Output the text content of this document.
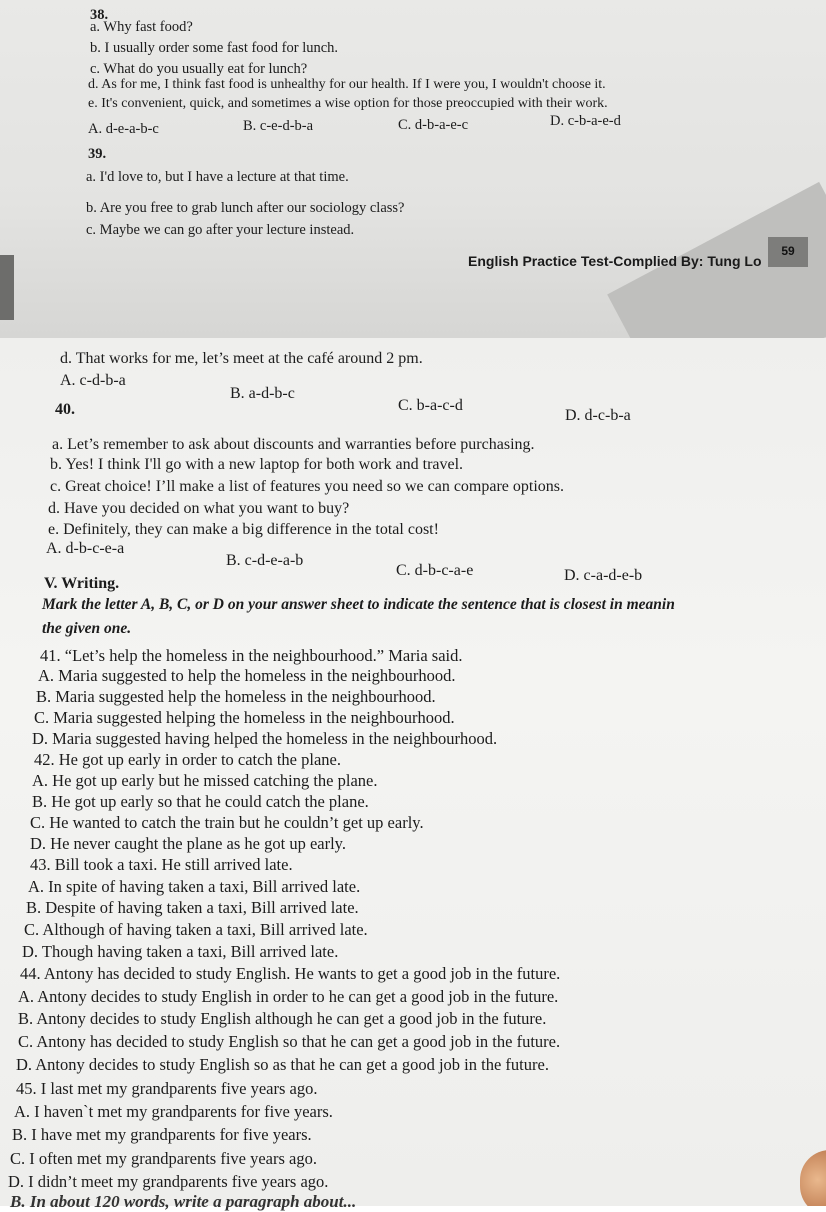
38.
a. Why fast food?
b. I usually order some fast food for lunch.
c. What do you usually eat for lunch?
d. As for me, I think fast food is unhealthy for our health. If I were you, I wouldn't choose it.
e. It's convenient, quick, and sometimes a wise option for those preoccupied with their work.
A. d-e-a-b-c	B. c-e-d-b-a	C. d-b-a-e-c	D. c-b-a-e-d
39.
a. I'd love to, but I have a lecture at that time.
b. Are you free to grab lunch after our sociology class?
c. Maybe we can go after your lecture instead.
English Practice Test-Complied By: Tung Lo
59
d. That works for me, let’s meet at the café around 2 pm.
A. c-d-b-a
B. a-d-b-c
C. b-a-c-d
D. d-c-b-a
40.
a. Let’s remember to ask about discounts and warranties before purchasing.
b. Yes! I think I'll go with a new laptop for both work and travel.
c. Great choice! I’ll make a list of features you need so we can compare options.
d. Have you decided on what you want to buy?
e. Definitely, they can make a big difference in the total cost!
A. d-b-c-e-a
B. c-d-e-a-b
C. d-b-c-a-e	D. c-a-d-e-b
V. Writing.
Mark the letter A, B, C, or D on your answer sheet to indicate the sentence that is closest in meanin
the given one.
41. “Let’s help the homeless in the neighbourhood.” Maria said.
A. Maria suggested to help the homeless in the neighbourhood.
B. Maria suggested help the homeless in the neighbourhood.
C. Maria suggested helping the homeless in the neighbourhood.
D. Maria suggested having helped the homeless in the neighbourhood.
42. He got up early in order to catch the plane.
A. He got up early but he missed catching the plane.
B. He got up early so that he could catch the plane.
C. He wanted to catch the train but he couldn’t get up early.
D. He never caught the plane as he got up early.
43. Bill took a taxi. He still arrived late.
A. In spite of having taken a taxi, Bill arrived late.
B. Despite of having taken a taxi, Bill arrived late.
C. Although of having taken a taxi, Bill arrived late.
D. Though having taken a taxi, Bill arrived late.
44. Antony has decided to study English. He wants to get a good job in the future.
A. Antony decides to study English in order to he can get a good job in the future.
B. Antony decides to study English although he can get a good job in the future.
C. Antony has decided to study English so that he can get a good job in the future.
D. Antony decides to study English so as that he can get a good job in the future.
45. I last met my grandparents five years ago.
A. I haven`t met my grandparents for five years.
B. I have met my grandparents for five years.
C. I often met my grandparents five years ago.
D. I didn’t meet my grandparents five years ago.
B. In about 120 words, write a paragraph about...
